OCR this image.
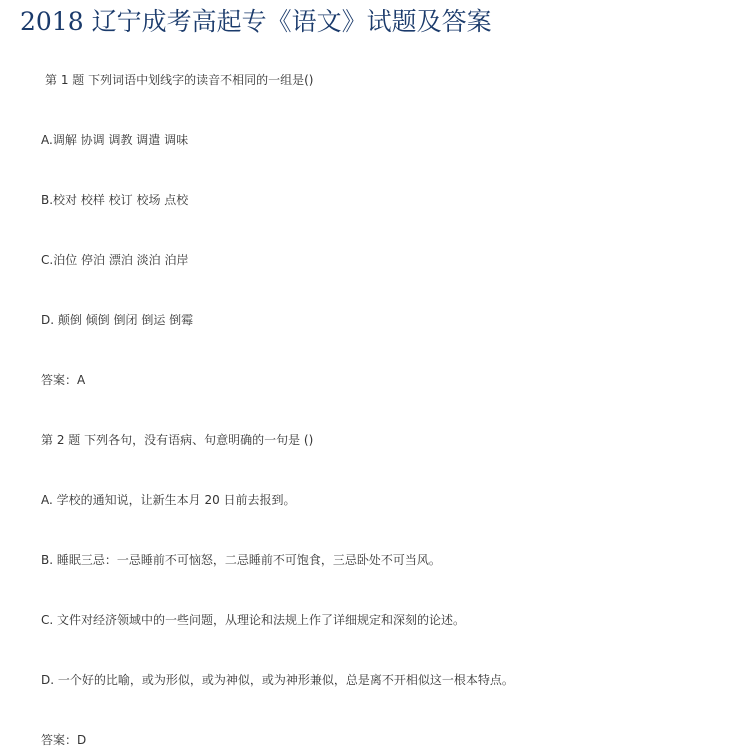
2018 辽宁成考高起专《语文》试题及答案
第 1 题 下列词语中划线字的读音不相同的一组是()
A.调解 协调 调教 调遣 调味
B.校对 校样 校订 校场 点校
C.泊位 停泊 漂泊 淡泊 泊岸
D. 颠倒 倾倒 倒闭 倒运 倒霉
答案：A
第 2 题 下列各句，没有语病、句意明确的一句是 ()
A. 学校的通知说，让新生本月 20 日前去报到。
B. 睡眠三忌：一忌睡前不可恼怒，二忌睡前不可饱食，三忌卧处不可当风。
C. 文件对经济领域中的一些问题，从理论和法规上作了详细规定和深刻的论述。
D. 一个好的比喻，或为形似，或为神似，或为神形兼似，总是离不开相似这一根本特点。
答案：D
